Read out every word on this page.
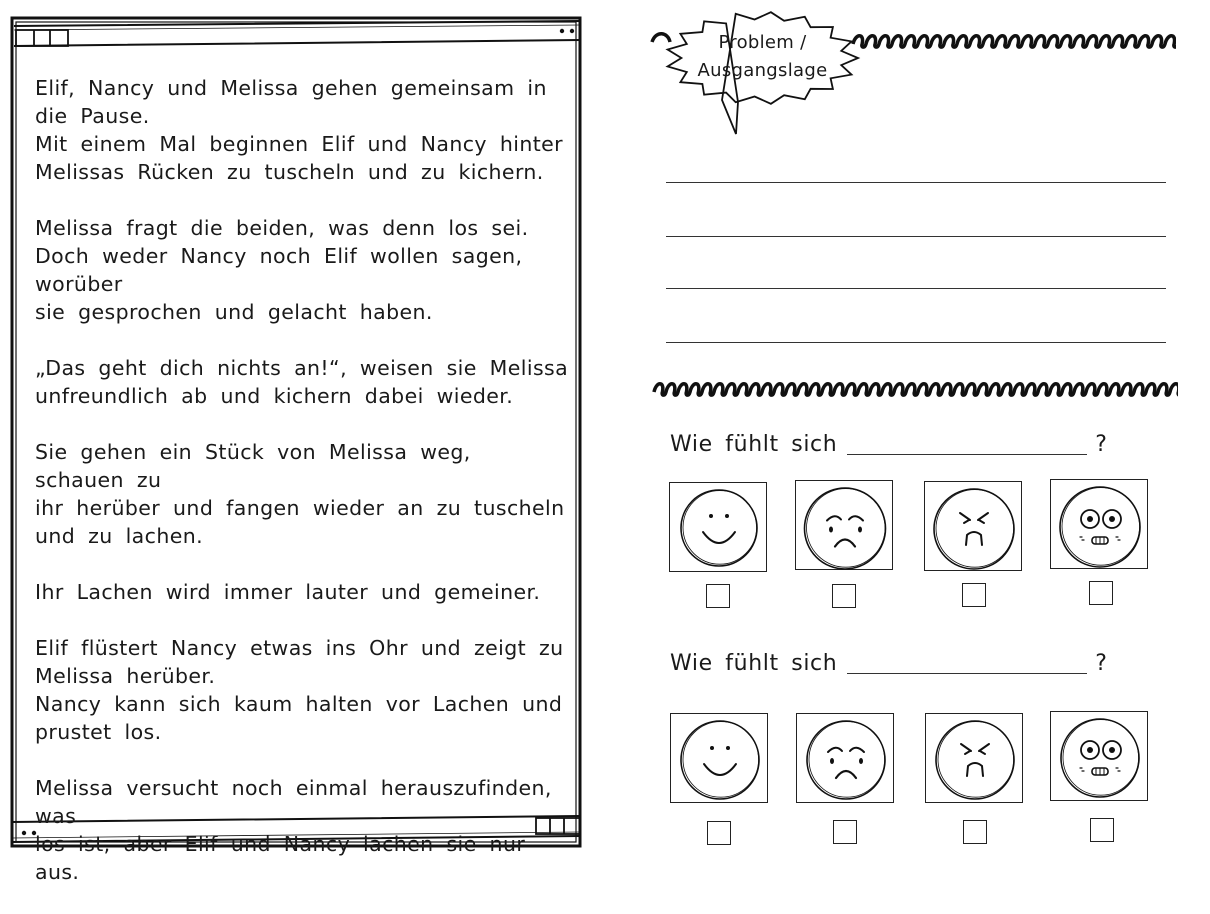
Elif, Nancy und Melissa gehen gemeinsam in
die Pause.
Mit einem Mal beginnen Elif und Nancy hinter
Melissas Rücken zu tuscheln und zu kichern.

Melissa fragt die beiden, was denn los sei.
Doch weder Nancy noch Elif wollen sagen, worüber
sie gesprochen und gelacht haben.

„Das geht dich nichts an!“, weisen sie Melissa
unfreundlich ab und kichern dabei wieder.

Sie gehen ein Stück von Melissa weg, schauen zu
ihr herüber und fangen wieder an zu tuscheln
und zu lachen.

Ihr Lachen wird immer lauter und gemeiner.

Elif flüstert Nancy etwas ins Ohr und zeigt zu
Melissa herüber.
Nancy kann sich kaum halten vor Lachen und
prustet los.

Melissa versucht noch einmal herauszufinden, was
los ist, aber Elif und Nancy lachen sie nur aus.

Problem /
Ausgangslage
Wie fühlt sich	?
Wie fühlt sich	?
